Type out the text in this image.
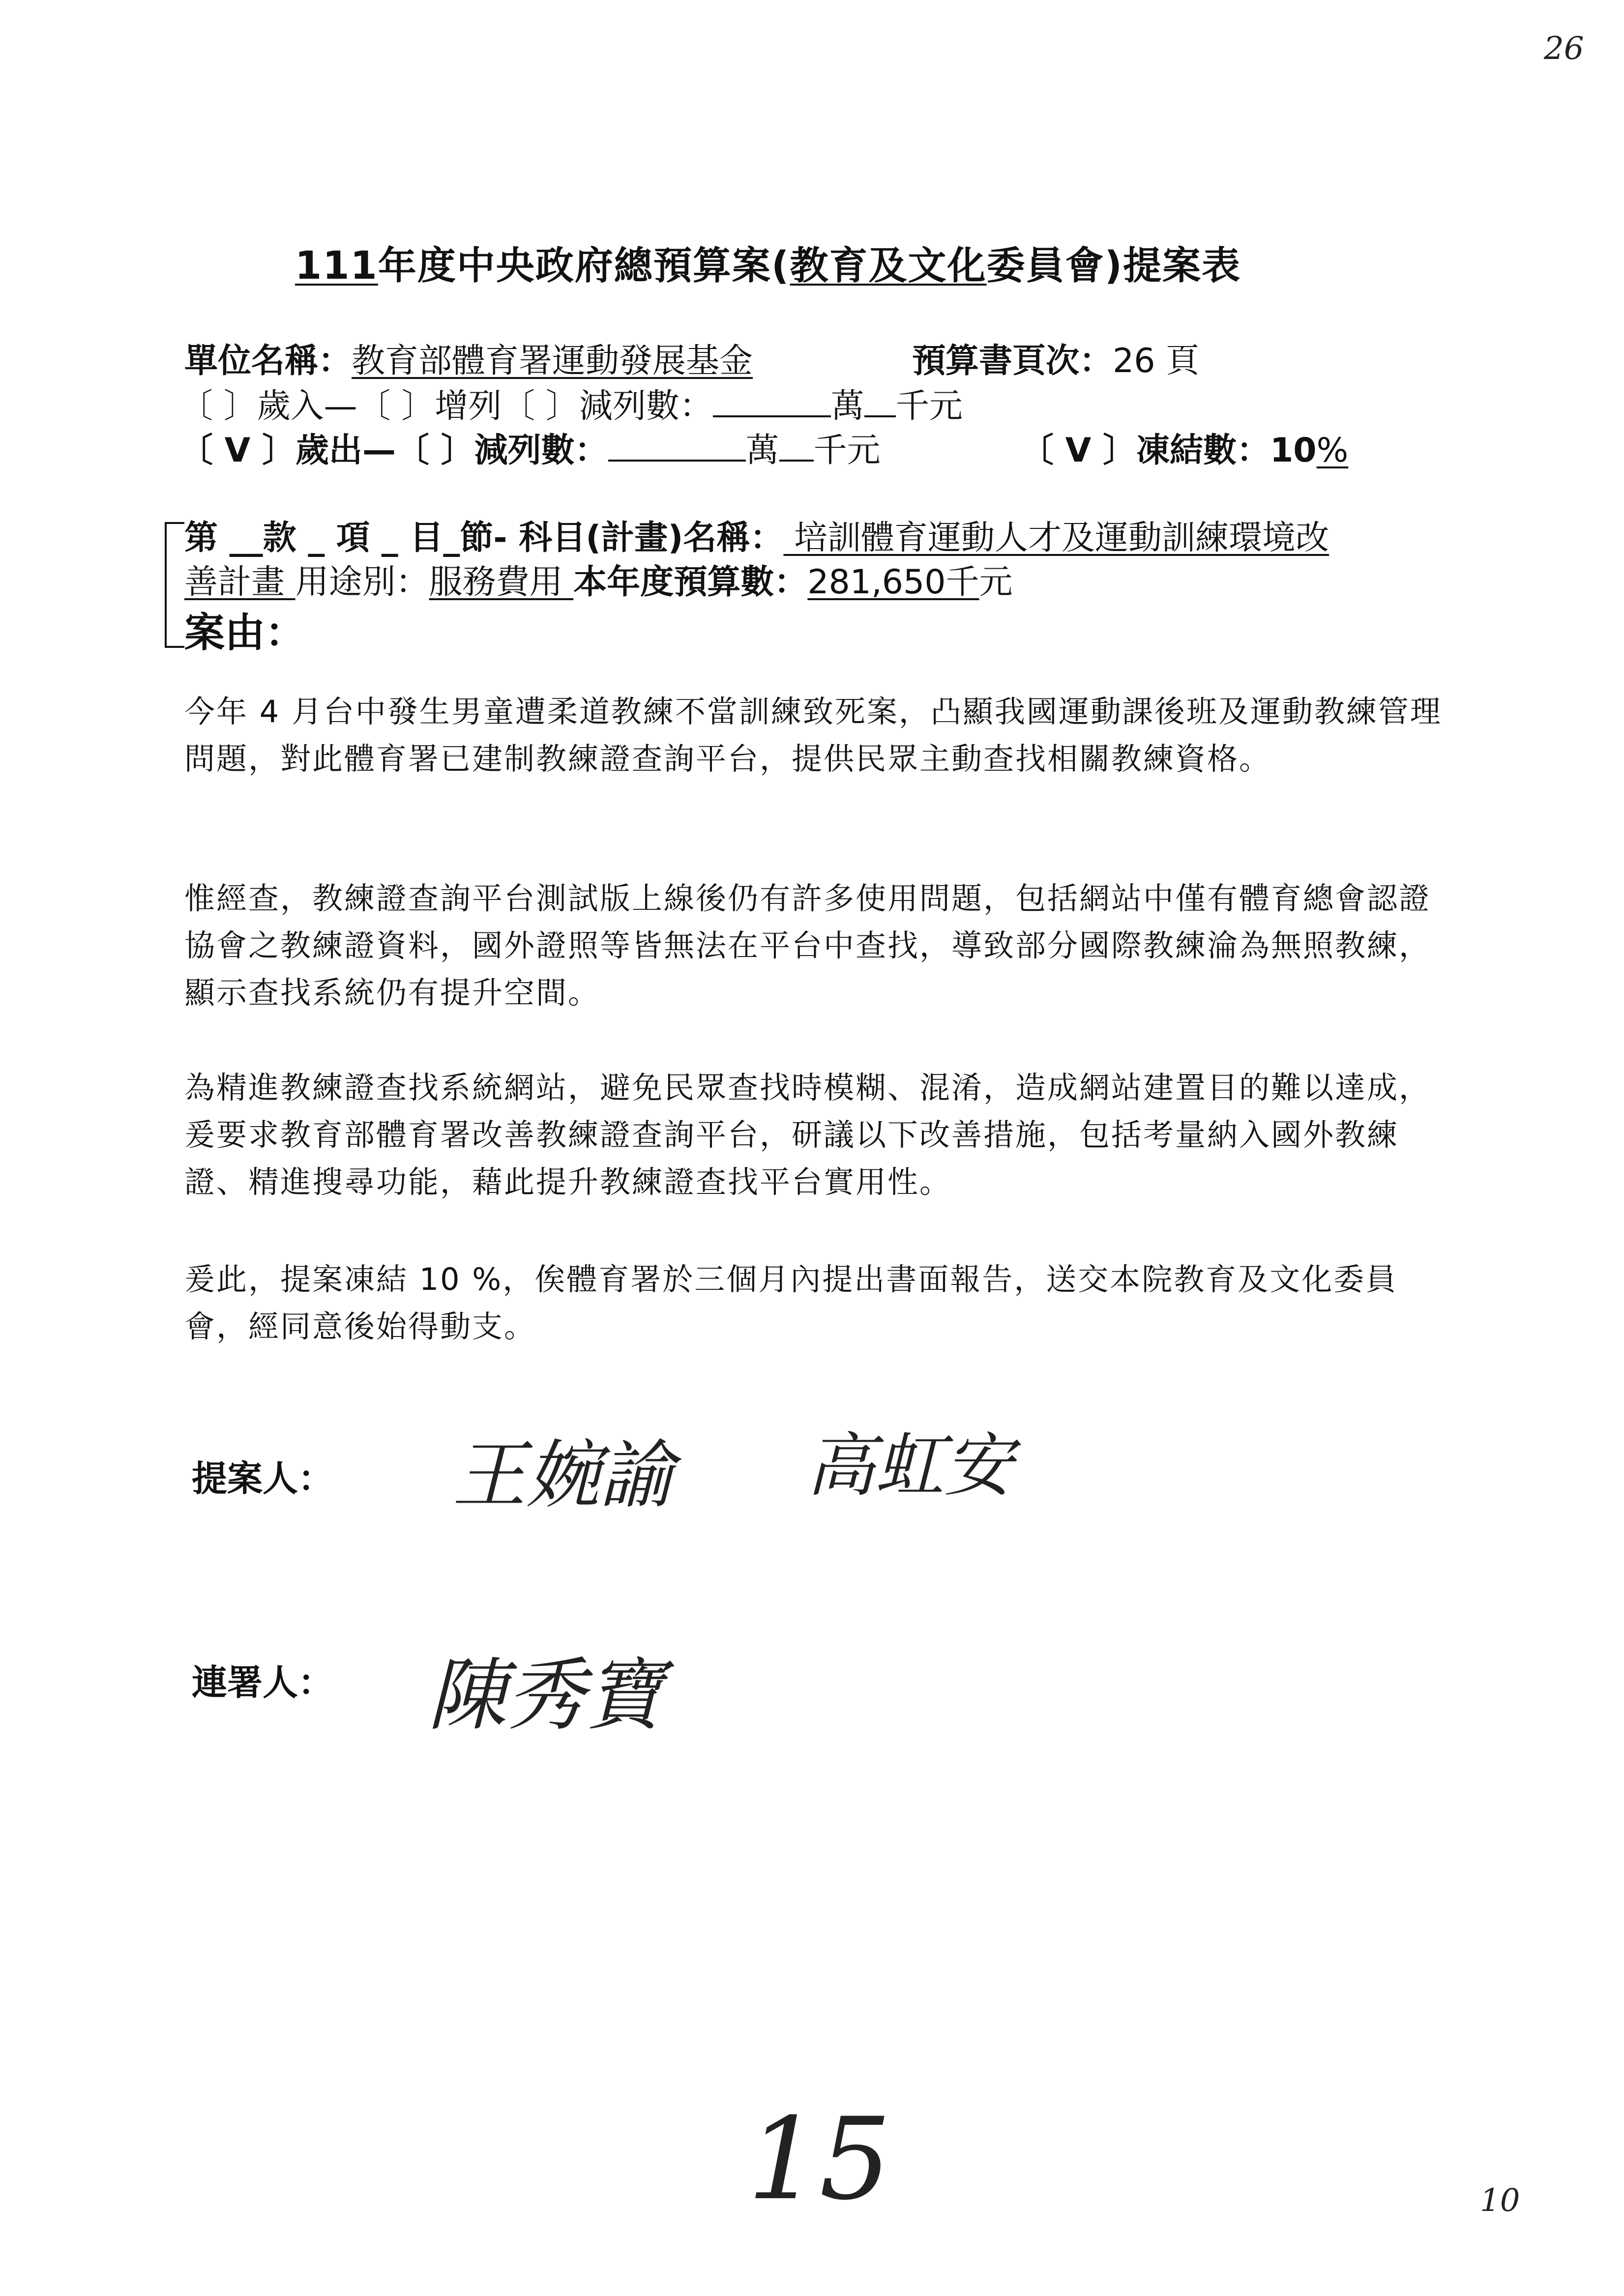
26
111年度中央政府總預算案(教育及文化委員會)提案表
單位名稱：教育部體育署運動發展基金	預算書頁次：26 頁
〔 〕歲入—〔 〕增列〔 〕減列數：	萬 千元
〔 V 〕歲出—〔 〕減列數：	萬 千元	〔 V 〕凍結數：10%
第 __款 _ 項 _ 目_節- 科目(計畫)名稱： 培訓體育運動人才及運動訓練環境改
善計畫 用途別：服務費用 本年度預算數：281,650千元
案由：
今年 4 月台中發生男童遭柔道教練不當訓練致死案，凸顯我國運動課後班及運動教練管理問題，對此體育署已建制教練證查詢平台，提供民眾主動查找相關教練資格。
惟經查，教練證查詢平台測試版上線後仍有許多使用問題，包括網站中僅有體育總會認證協會之教練證資料，國外證照等皆無法在平台中查找，導致部分國際教練淪為無照教練，顯示查找系統仍有提升空間。
為精進教練證查找系統網站，避免民眾查找時模糊、混淆，造成網站建置目的難以達成，爰要求教育部體育署改善教練證查詢平台，研議以下改善措施，包括考量納入國外教練證、精進搜尋功能，藉此提升教練證查找平台實用性。
爰此，提案凍結 10 %，俟體育署於三個月內提出書面報告，送交本院教育及文化委員會，經同意後始得動支。
提案人： 王婉諭 高虹安
連署人： 陳秀寶
15	10
